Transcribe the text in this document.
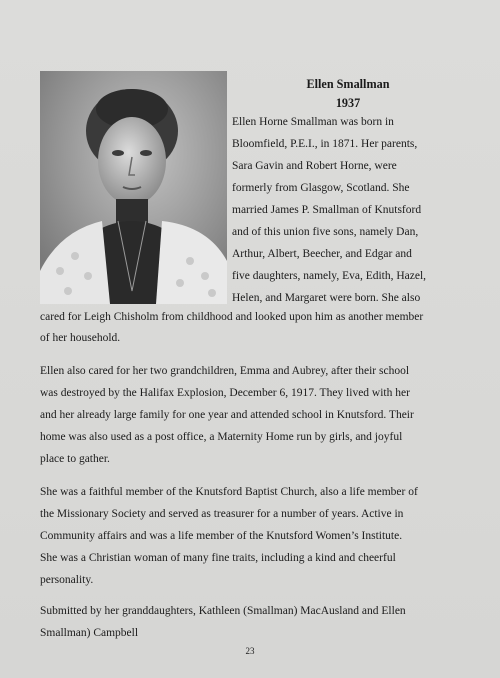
Ellen Smallman

1937

Ellen Horne Smallman was born in

Bloomfield, P.E.I., in 1871. Her parents,

Sara Gavin and Robert Horne, were

formerly from Glasgow, Scotland. She

married James P. Smallman of Knutsford

and of this union five sons, namely Dan,

Arthur, Albert, Beecher, and Edgar and

five daughters, namely, Eva, Edith, Hazel,

Helen, and Margaret were born. She also

cared for Leigh Chisholm from childhood and looked upon him as another member

of her household.

Ellen also cared for her two grandchildren, Emma and Aubrey, after their school

was destroyed by the Halifax Explosion, December 6, 1917. They lived with her

and her already large family for one year and attended school in Knutsford. Their

home was also used as a post office, a Maternity Home run by girls, and joyful

place to gather.

She was a faithful member of the Knutsford Baptist Church, also a life member of

the Missionary Society and served as treasurer for a number of years. Active in

Community affairs and was a life member of the Knutsford Women’s Institute.

She was a Christian woman of many fine traits, including a kind and cheerful

personality.

Submitted by her granddaughters, Kathleen (Smallman) MacAusland and Ellen

Smallman) Campbell

23
